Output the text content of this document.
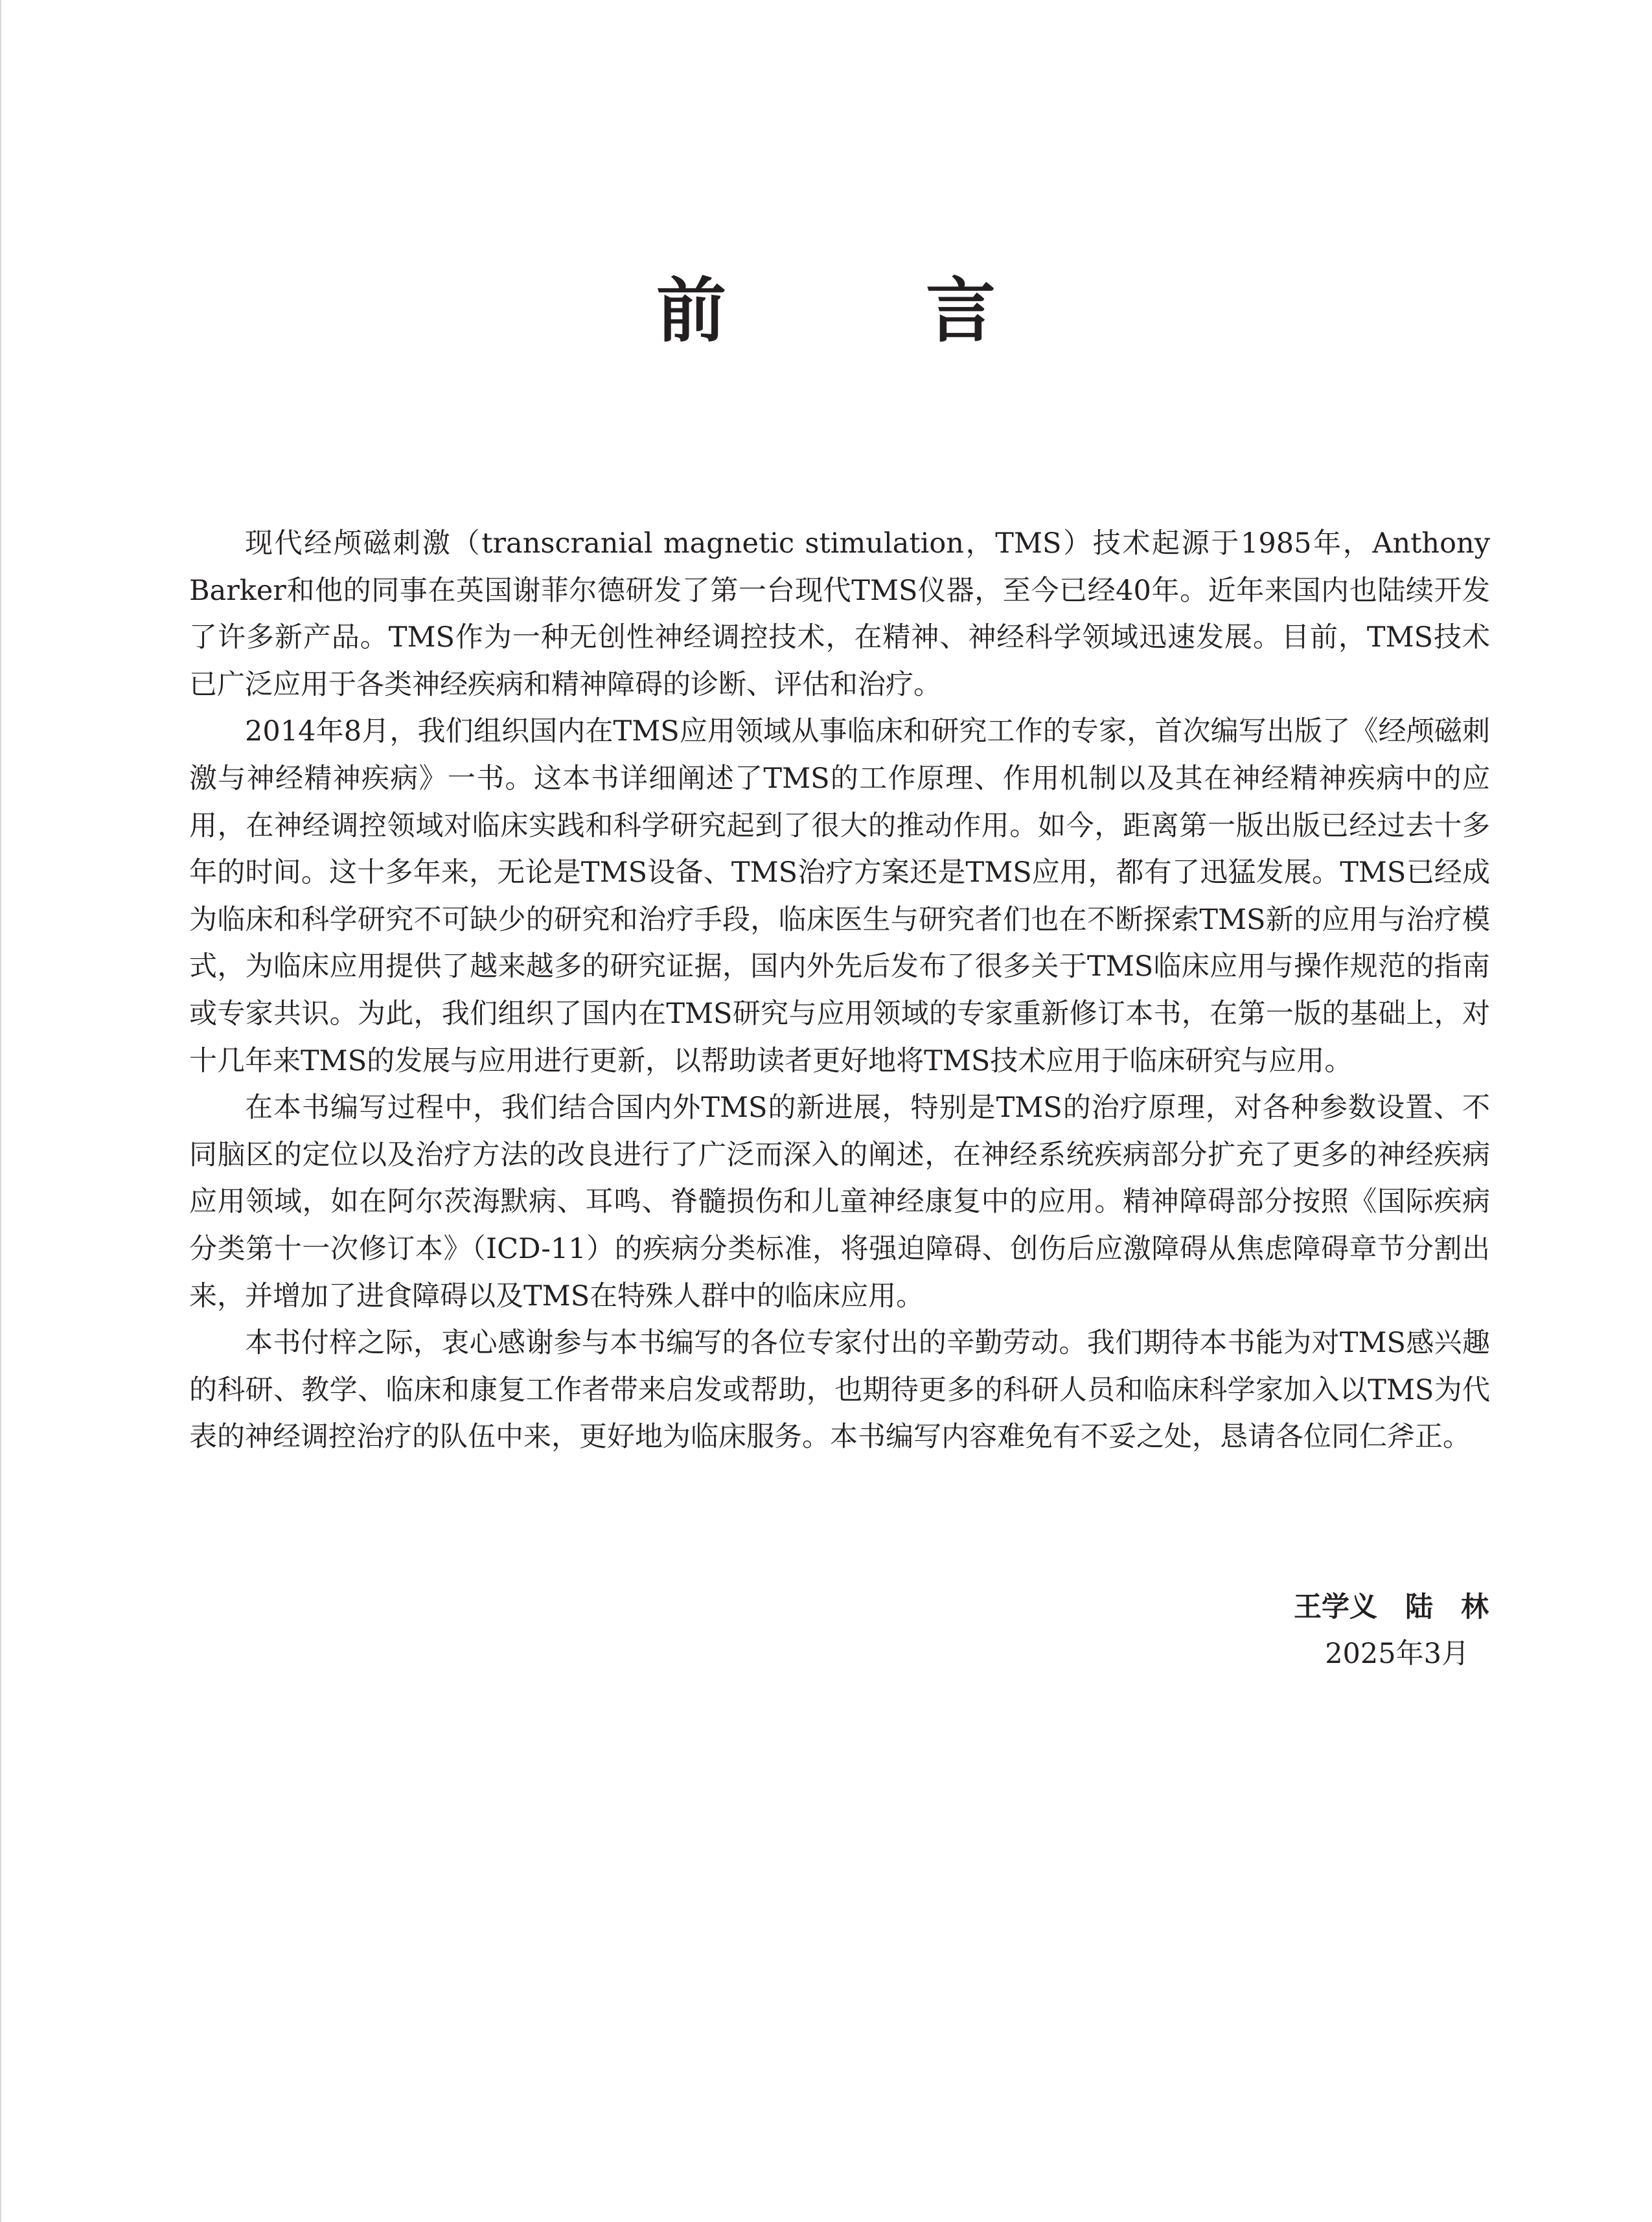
前　言

现代经颅磁刺激（transcranial magnetic stimulation，TMS）技术起源于1985年，Anthony Barker和他的同事在英国谢菲尔德研发了第一台现代TMS仪器，至今已经40年。近年来国内也陆续开发了许多新产品。TMS作为一种无创性神经调控技术，在精神、神经科学领域迅速发展。目前，TMS技术已广泛应用于各类神经疾病和精神障碍的诊断、评估和治疗。

2014年8月，我们组织国内在TMS应用领域从事临床和研究工作的专家，首次编写出版了《经颅磁刺激与神经精神疾病》一书。这本书详细阐述了TMS的工作原理、作用机制以及其在神经精神疾病中的应用，在神经调控领域对临床实践和科学研究起到了很大的推动作用。如今，距离第一版出版已经过去十多年的时间。这十多年来，无论是TMS设备、TMS治疗方案还是TMS应用，都有了迅猛发展。TMS已经成为临床和科学研究不可缺少的研究和治疗手段，临床医生与研究者们也在不断探索TMS新的应用与治疗模式，为临床应用提供了越来越多的研究证据，国内外先后发布了很多关于TMS临床应用与操作规范的指南或专家共识。为此，我们组织了国内在TMS研究与应用领域的专家重新修订本书，在第一版的基础上，对十几年来TMS的发展与应用进行更新，以帮助读者更好地将TMS技术应用于临床研究与应用。

在本书编写过程中，我们结合国内外TMS的新进展，特别是TMS的治疗原理，对各种参数设置、不同脑区的定位以及治疗方法的改良进行了广泛而深入的阐述，在神经系统疾病部分扩充了更多的神经疾病应用领域，如在阿尔茨海默病、耳鸣、脊髓损伤和儿童神经康复中的应用。精神障碍部分按照《国际疾病分类第十一次修订本》（ICD-11）的疾病分类标准，将强迫障碍、创伤后应激障碍从焦虑障碍章节分割出来，并增加了进食障碍以及TMS在特殊人群中的临床应用。

本书付梓之际，衷心感谢参与本书编写的各位专家付出的辛勤劳动。我们期待本书能为对TMS感兴趣的科研、教学、临床和康复工作者带来启发或帮助，也期待更多的科研人员和临床科学家加入以TMS为代表的神经调控治疗的队伍中来，更好地为临床服务。本书编写内容难免有不妥之处，恳请各位同仁斧正。

王学义　陆　林
2025年3月
